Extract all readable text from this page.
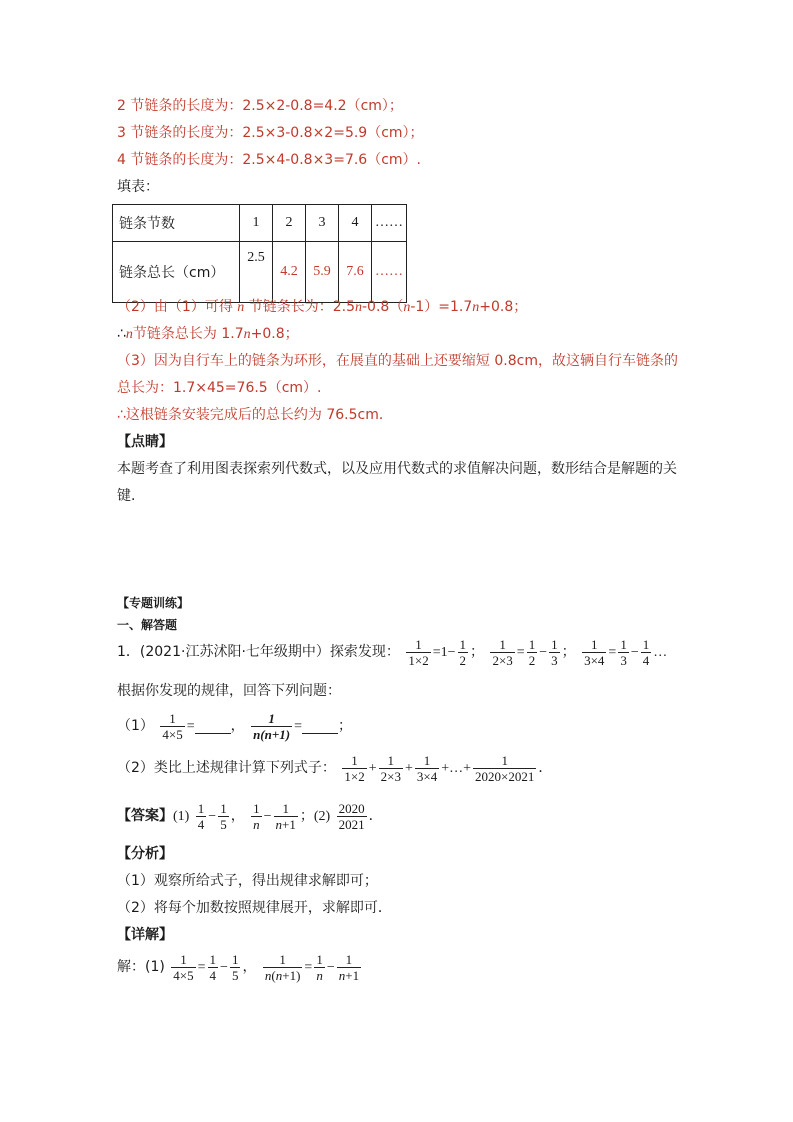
2 节链条的长度为：2.5×2-0.8=4.2（cm）；
3 节链条的长度为：2.5×3-0.8×2=5.9（cm）；
4 节链条的长度为：2.5×4-0.8×3=7.6（cm）.
填表：
链条节数	1	2	3	4	……
链条总长（cm）	2.5	4.2	5.9	7.6	……
（2）由（1）可得 n 节链条长为：2.5n-0.8（n-1）=1.7n+0.8；
∴n节链条总长为 1.7n+0.8；
（3）因为自行车上的链条为环形，在展直的基础上还要缩短 0.8cm，故这辆自行车链条的
总长为：1.7×45=76.5（cm）.
∴这根链条安装完成后的总长约为 76.5cm．
【点睛】
本题考查了利用图表探索列代数式，以及应用代数式的求值解决问题，数形结合是解题的关
键.
【专题训练】
一、解答题
1．(2021·江苏沭阳·七年级期中）探索发现： $\frac{1}{1\times 2} =1- \frac{1}{2}$ ； $\frac{1}{2\times 3} = \frac{1}{2} - \frac{1}{3}$ ； $\frac{1}{3\times 4} = \frac{1}{3} - \frac{1}{4}$ …
根据你发现的规律，回答下列问题：
$(1) \frac{1}{4\times 5}$ =	， $\frac{1}{n(n+1)}$ =	；
（2）类比上述规律计算下列式子： $\frac{1}{1\times 2} + \frac{1}{2\times 3} + \frac{1}{3\times 4}$ +…+ $\frac{1}{2020\times 2021}$ ．
【答案】$(1) \frac{1}{4} - \frac{1}{5}$ ， $\frac{1}{n} - \frac{1}{n+1}$ ；$(2) \frac{2020}{2021}$ ．
【分析】
（1）观察所给式子，得出规律求解即可；
（2）将每个加数按照规律展开，求解即可．
【详解】
解：$(1) \frac{1}{4\times 5} = \frac{1}{4} - \frac{1}{5}$ ， $\frac{1}{n(n+1)} = \frac{1}{n} - \frac{1}{n+1}$
